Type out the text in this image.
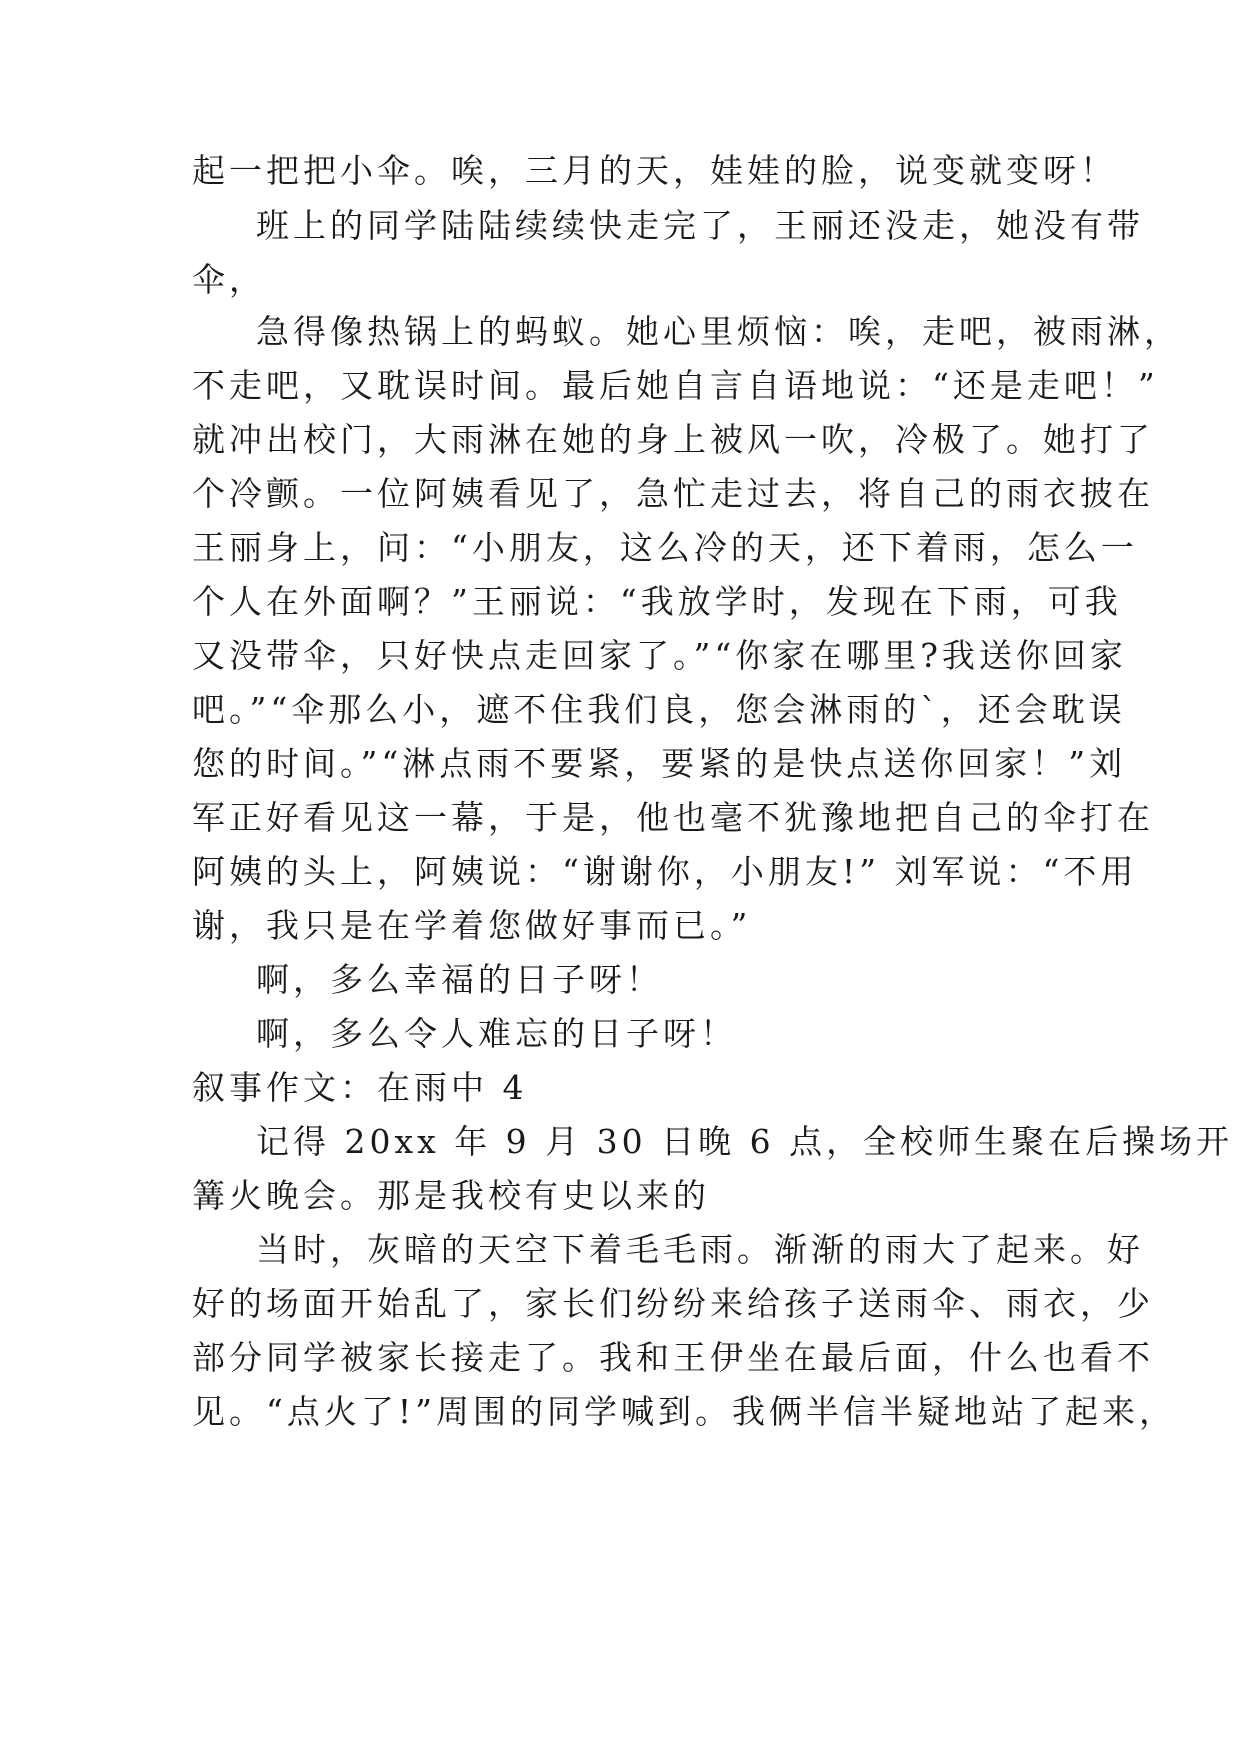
起一把把小伞。唉，三月的天，娃娃的脸，说变就变呀！
班上的同学陆陆续续快走完了，王丽还没走，她没有带
伞，
急得像热锅上的蚂蚁。她心里烦恼：唉，走吧，被雨淋，
不走吧，又耽误时间。最后她自言自语地说：“还是走吧！”
就冲出校门，大雨淋在她的身上被风一吹，冷极了。她打了
个冷颤。一位阿姨看见了，急忙走过去，将自己的雨衣披在
王丽身上，问：“小朋友，这么冷的天，还下着雨，怎么一
个人在外面啊？”王丽说：“我放学时，发现在下雨，可我
又没带伞，只好快点走回家了。”“你家在哪里?我送你回家
吧。”“伞那么小，遮不住我们良，您会淋雨的`，还会耽误
您的时间。”“淋点雨不要紧，要紧的是快点送你回家！”刘
军正好看见这一幕，于是，他也毫不犹豫地把自己的伞打在
阿姨的头上，阿姨说：“谢谢你，小朋友!” 刘军说：“不用
谢，我只是在学着您做好事而已。”
啊，多么幸福的日子呀！
啊，多么令人难忘的日子呀！
叙事作文：在雨中 4
记得 20xx 年 9 月 30 日晚 6 点，全校师生聚在后操场开
篝火晚会。那是我校有史以来的
当时，灰暗的天空下着毛毛雨。渐渐的雨大了起来。好
好的场面开始乱了，家长们纷纷来给孩子送雨伞、雨衣，少
部分同学被家长接走了。我和王伊坐在最后面，什么也看不
见。“点火了!”周围的同学喊到。我俩半信半疑地站了起来，
